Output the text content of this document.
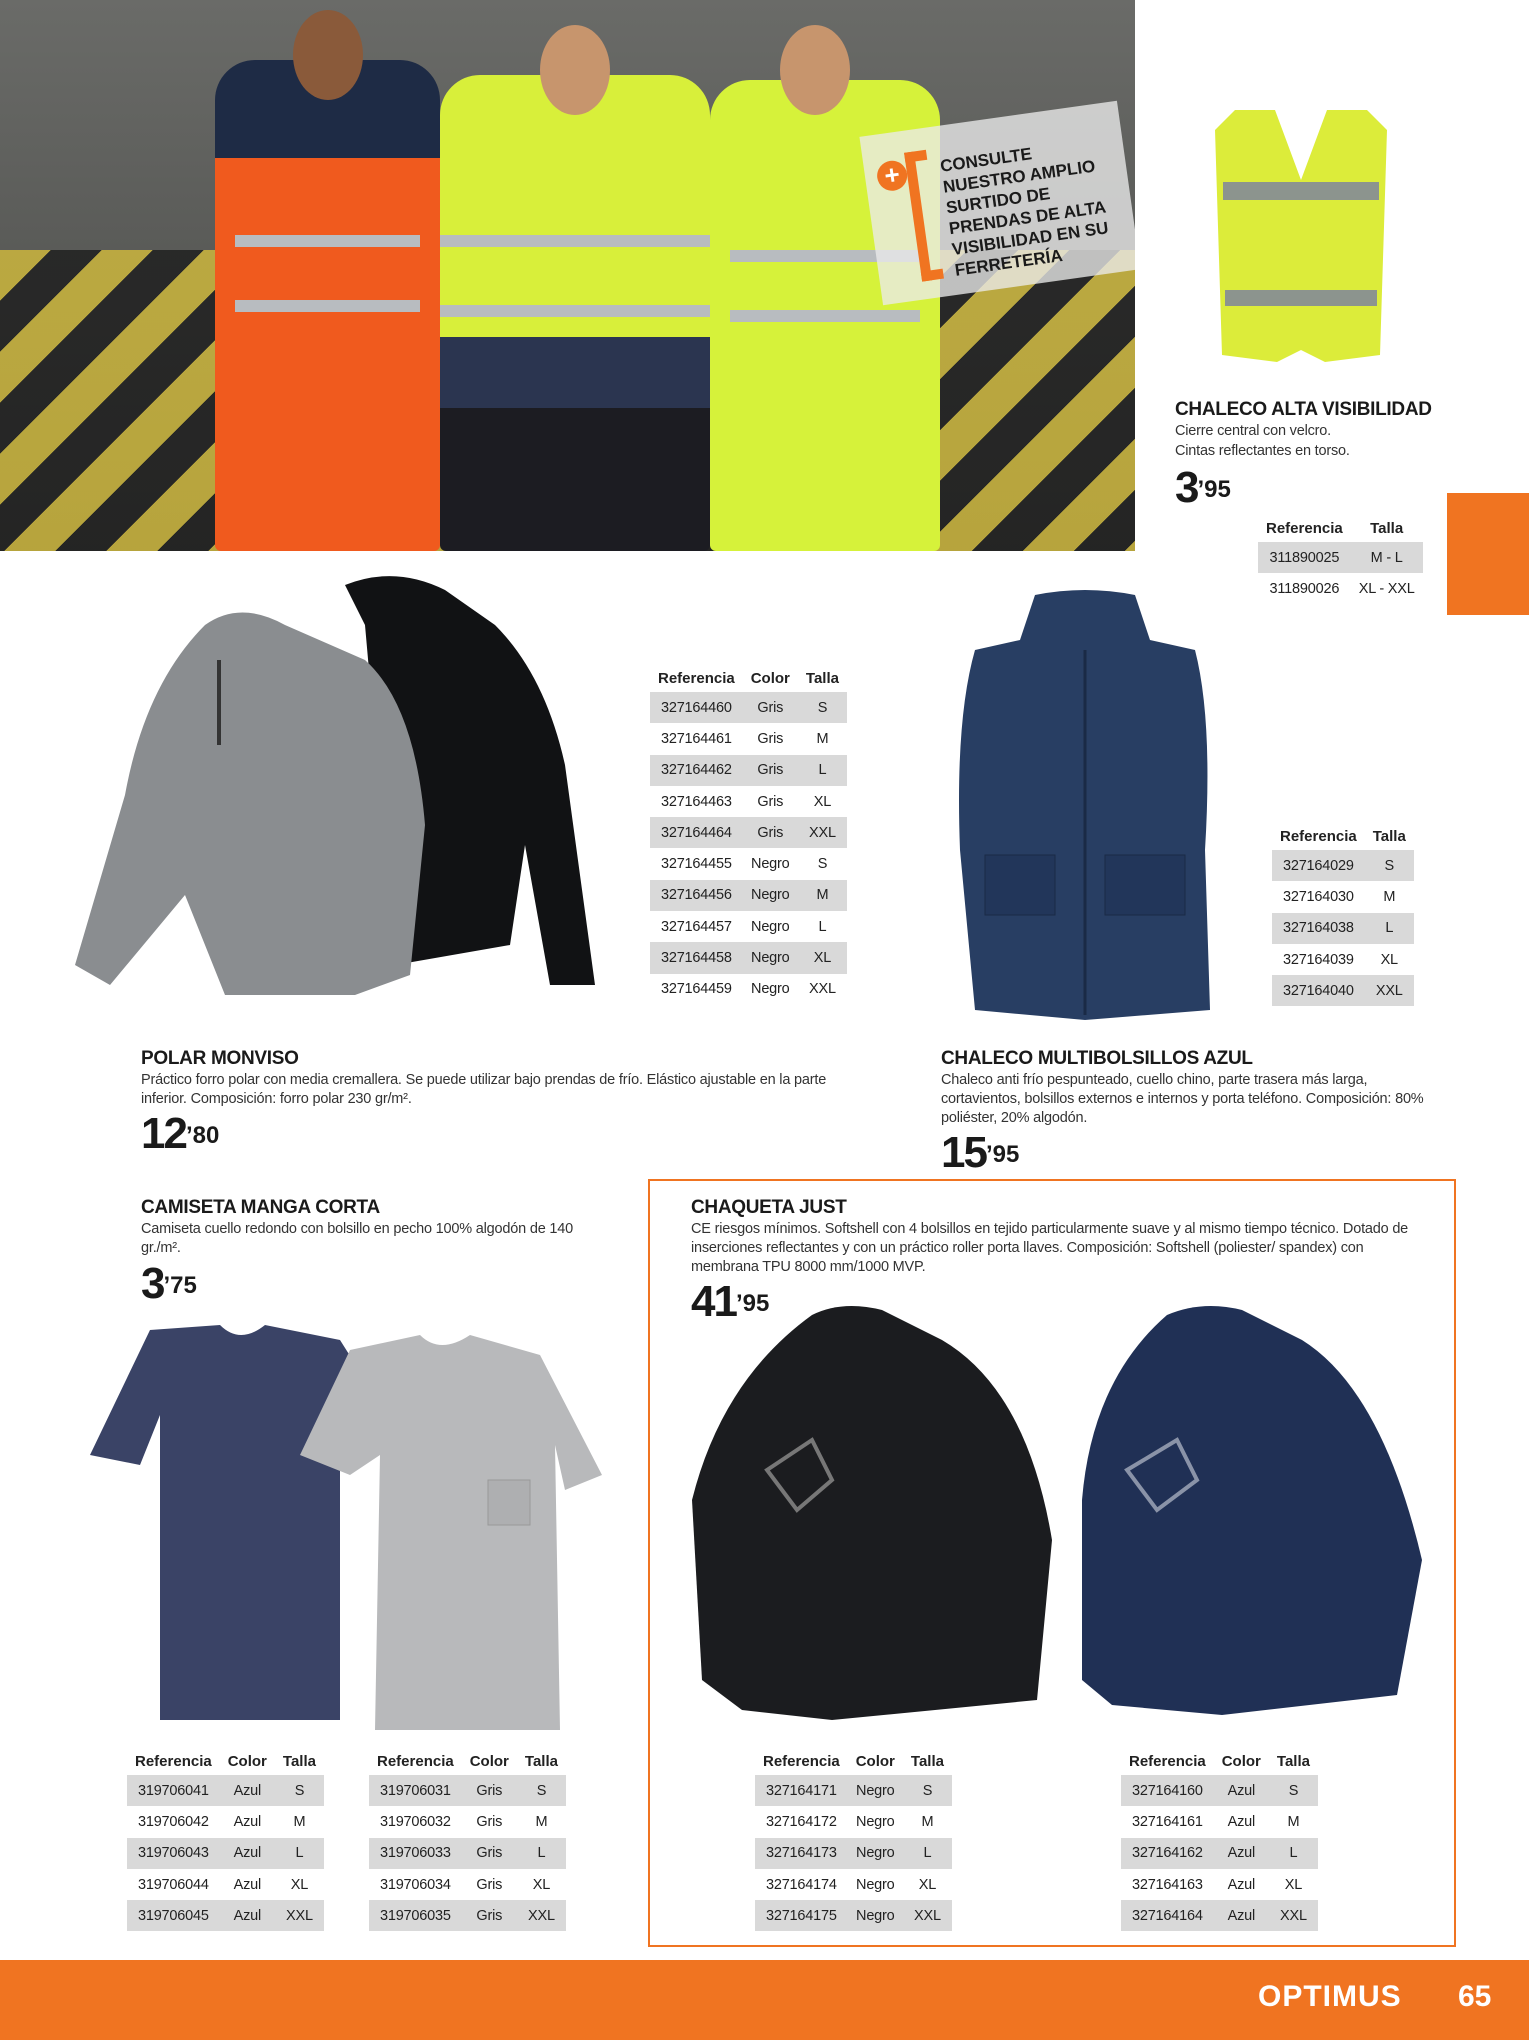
+	CONSULTE NUESTRO AMPLIO SURTIDO DE PRENDAS DE ALTA VISIBILIDAD EN SU FERRETERÍA
CHALECO ALTA VISIBILIDAD
Cierre central con velcro.
Cintas reflectantes en torso.
$3^{’95}$
Referencia	Talla
311890025	M - L
311890026	XL - XXL
Referencia	Color	Talla
327164460	Gris	S
327164461	Gris	M
327164462	Gris	L
327164463	Gris	XL
327164464	Gris	XXL
327164455	Negro	S
327164456	Negro	M
327164457	Negro	L
327164458	Negro	XL
327164459	Negro	XXL
POLAR MONVISO
Práctico forro polar con media cremallera. Se puede utilizar bajo prendas de frío. Elástico ajustable en la parte inferior. Composición: forro polar 230 gr/m².
$12^{’80}$
Referencia	Talla
327164029	S
327164030	M
327164038	L
327164039	XL
327164040	XXL
CHALECO MULTIBOLSILLOS AZUL
Chaleco anti frío pespunteado, cuello chino, parte trasera más larga, cortavientos, bolsillos externos e internos y porta teléfono. Composición: 80% poliéster, 20% algodón.
$15^{’95}$
CAMISETA MANGA CORTA
Camiseta cuello redondo con bolsillo en pecho 100% algodón de 140 gr./m².
$3^{’75}$
Referencia	Color	Talla
319706041	Azul	S
319706042	Azul	M
319706043	Azul	L
319706044	Azul	XL
319706045	Azul	XXL
Referencia	Color	Talla
319706031	Gris	S
319706032	Gris	M
319706033	Gris	L
319706034	Gris	XL
319706035	Gris	XXL
CHAQUETA JUST
CE riesgos mínimos. Softshell con 4 bolsillos en tejido particularmente suave y al mismo tiempo técnico. Dotado de inserciones reflectantes y con un práctico roller porta llaves. Composición: Softshell (poliester/ spandex) con membrana TPU 8000 mm/1000 MVP.
$41^{’95}$
Referencia	Color	Talla
327164171	Negro	S
327164172	Negro	M
327164173	Negro	L
327164174	Negro	XL
327164175	Negro	XXL
Referencia	Color	Talla
327164160	Azul	S
327164161	Azul	M
327164162	Azul	L
327164163	Azul	XL
327164164	Azul	XXL
OPTIMUS 65
